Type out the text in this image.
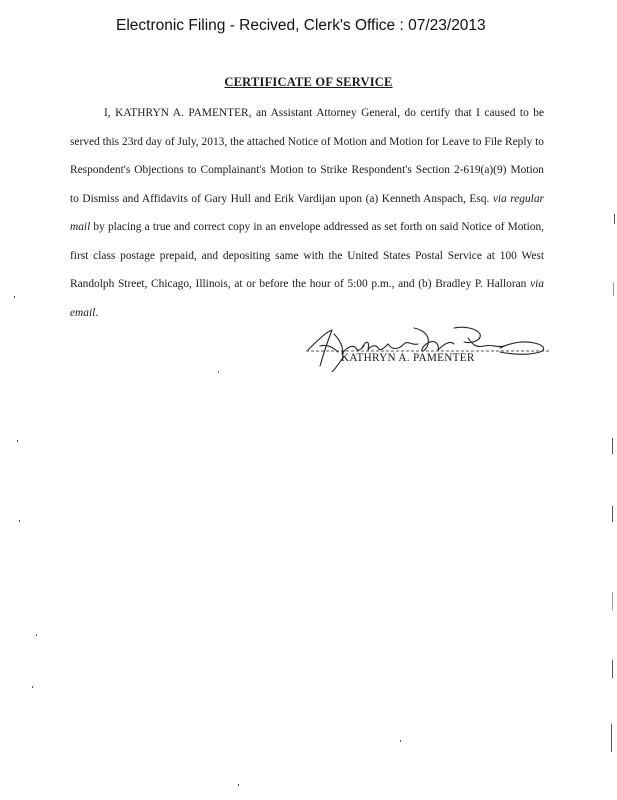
Electronic Filing - Recived, Clerk's Office : 07/23/2013
CERTIFICATE OF SERVICE
I, KATHRYN A. PAMENTER, an Assistant Attorney General, do certify that I caused to be served this 23rd day of July, 2013, the attached Notice of Motion and Motion for Leave to File Reply to Respondent's Objections to Complainant's Motion to Strike Respondent's Section 2-619(a)(9) Motion to Dismiss and Affidavits of Gary Hull and Erik Vardijan upon (a) Kenneth Anspach, Esq. via regular mail by placing a true and correct copy in an envelope addressed as set forth on said Notice of Motion, first class postage prepaid, and depositing same with the United States Postal Service at 100 West Randolph Street, Chicago, Illinois, at or before the hour of 5:00 p.m., and (b) Bradley P. Halloran via email.
KATHRYN A. PAMENTER
